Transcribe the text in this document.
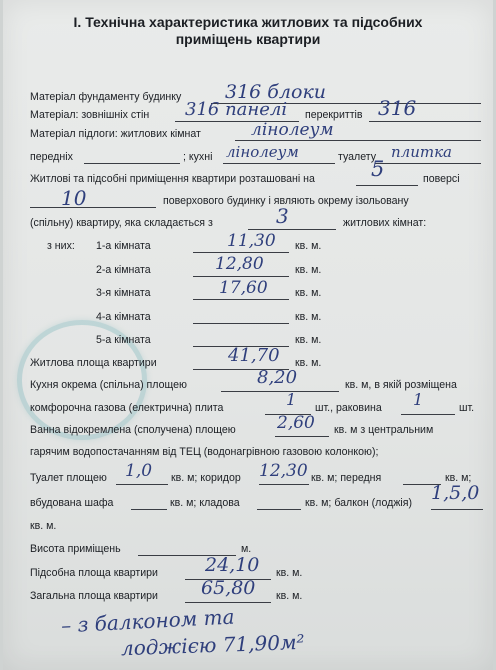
I. Технічна характеристика житлових та підсобних
приміщень квартири
Матеріал фундаменту будинку 316 блоки
Матеріал: зовнішніх стін 316 панелі перекриттів 316
Матеріал підлоги: житлових кімнат	лінолеум
передніх	; кухні лінолеум	туалету плитка
Житлові та підсобні приміщення квартири розташовані на	5	поверсі
10	поверхового будинку і являють окрему ізольовану
(спільну) квартиру, яка складається з	3	житлових кімнат:
з них: 1-а кімната	11,30 кв. м.
2-а кімната	12,80	кв. м.
3-я кімната	17,60	кв. м.
4-а кімната	кв. м.
5-а кімната	кв. м.
Житлова площа квартири	41,70 кв. м.
Кухня окрема (спільна) площею	8,20	кв. м, в якій розміщена
комфорочна газова (електрична) плита	1 шт., раковина 1	шт.
Ванна відокремлена (сполучена) площею 2,60 кв. м з центральним
гарячим водопостачанням від ТЕЦ (водонагрівною газовою колонкою);
Туалет площею 1,0 кв. м; коридор 12,30 кв. м; передня	кв. м;
вбудована шафа	кв. м; кладова	кв. м; балкон (лоджія) 1,5,0
кв. м.
Висота приміщень	м.
Підсобна площа квартири 24,10 кв. м.
Загальна площа квартири 65,80 кв. м.
– з балконом та
лоджією 71,90м²
